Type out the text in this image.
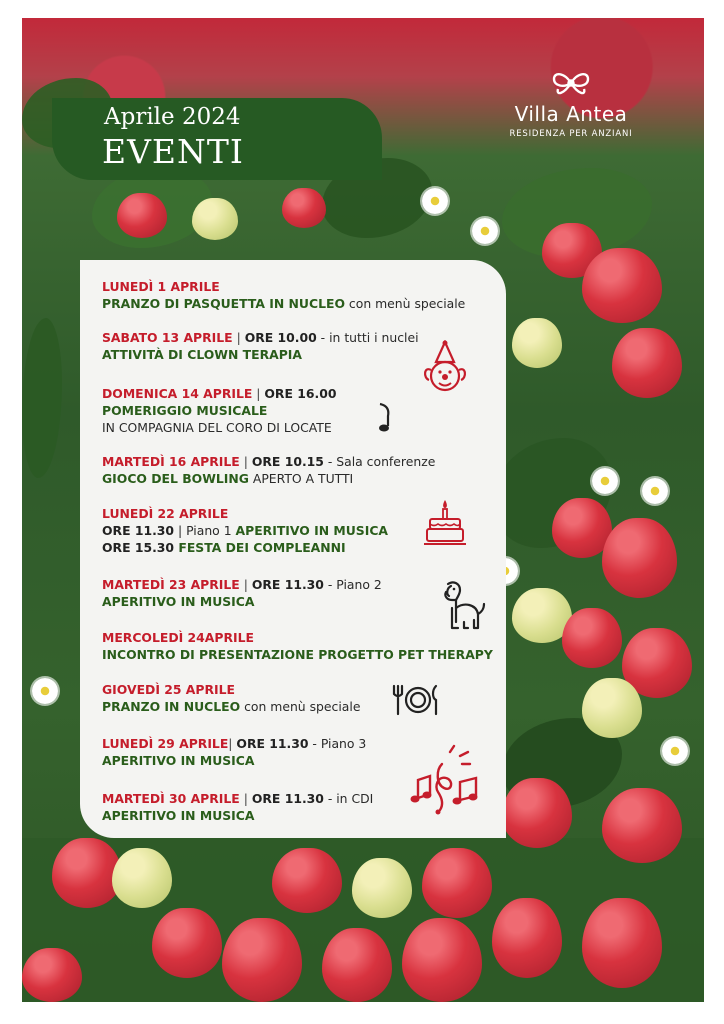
Aprile 2024
EVENTI
Villa Antea
RESIDENZA PER ANZIANI
LUNEDÌ 1 APRILE
PRANZO DI PASQUETTA IN NUCLEO con menù speciale
SABATO 13 APRILE | ORE 10.00 - in tutti i nuclei
ATTIVITÀ DI CLOWN TERAPIA
DOMENICA 14 APRILE | ORE 16.00
POMERIGGIO MUSICALE
IN COMPAGNIA DEL CORO DI LOCATE
MARTEDÌ 16 APRILE | ORE 10.15 - Sala conferenze
GIOCO DEL BOWLING APERTO A TUTTI
LUNEDÌ 22 APRILE
ORE 11.30 | Piano 1 APERITIVO IN MUSICA
ORE 15.30 FESTA DEI COMPLEANNI
MARTEDÌ 23 APRILE | ORE 11.30 - Piano 2
APERITIVO IN MUSICA
MERCOLEDÌ 24APRILE
INCONTRO DI PRESENTAZIONE PROGETTO PET THERAPY
GIOVEDÌ 25 APRILE
PRANZO IN NUCLEO con menù speciale
LUNEDÌ 29 APRILE| ORE 11.30 - Piano 3
APERITIVO IN MUSICA
MARTEDÌ 30 APRILE | ORE 11.30 - in CDI
APERITIVO IN MUSICA
